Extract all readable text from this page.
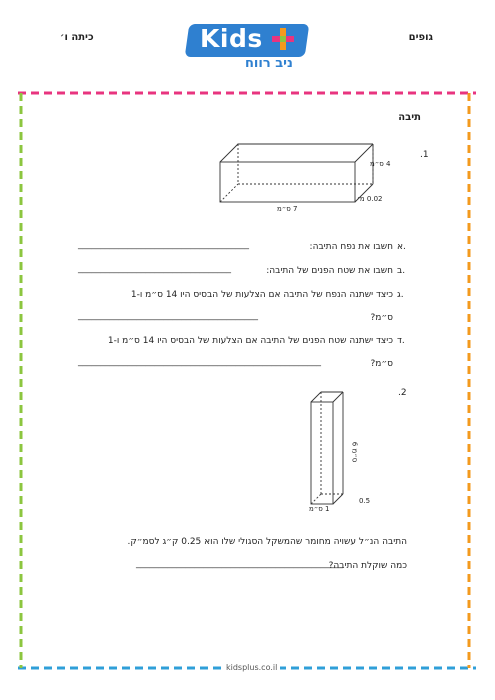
גופים
כיתה ו׳	Kids
ניב רווח
תיבה
.1
4 ס״מ
0.02 מ׳
7 ס״מ
א.
חשבו את נפח התיבה:
______________________________________
ב.
חשבו את שטח הפנים של התיבה:
__________________________________
ג.
כיצד ישתנה הנפח של התיבה אם הצלעות של הבסיס היו 14 ס״מ ו-1
ס״מ?
________________________________________
ד.
כיצד ישתנה שטח הפנים של התיבה אם הצלעות של הבסיס היו 14 ס״מ ו-1
ס״מ?
______________________________________________________
.2
6 ס״מ
0.5
1 ס״מ
התיבה הנ״ל עשויה מחומר שהמשקל הסגולי שלו הוא 0.25 ק״ג לסמ״ק.
כמה שוקלת התיבה?
______________________________________________
kidsplus.co.il
